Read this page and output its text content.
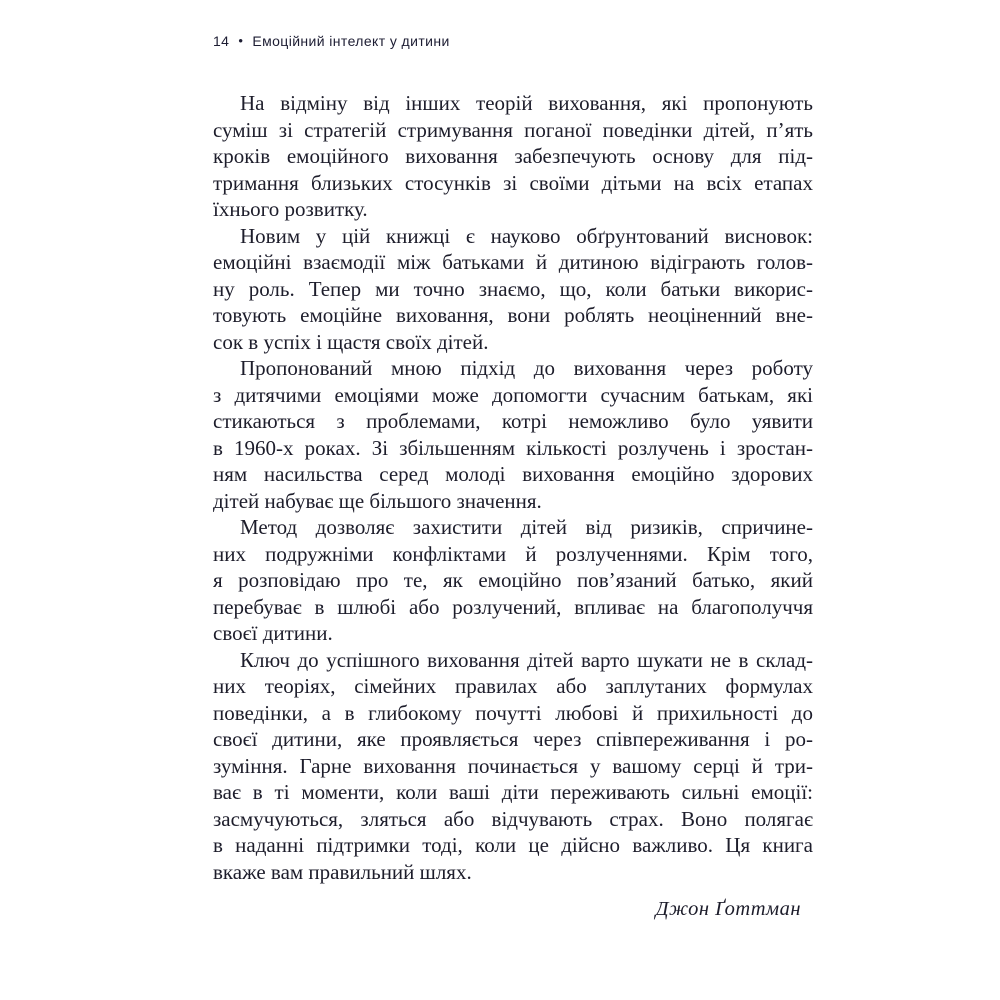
14 • Емоційний інтелект у дитини
На відміну від інших теорій виховання, які пропонують
суміш зі стратегій стримування поганої поведінки дітей, п’ять
кроків емоційного виховання забезпечують основу для під-
тримання близьких стосунків зі своїми дітьми на всіх етапах
їхнього розвитку.
Новим у цій книжці є науково обґрунтований висновок:
емоційні взаємодії між батьками й дитиною відіграють голов-
ну роль. Тепер ми точно знаємо, що, коли батьки викорис-
товують емоційне виховання, вони роблять неоціненний вне-
сок в успіх і щастя своїх дітей.
Пропонований мною підхід до виховання через роботу
з дитячими емоціями може допомогти сучасним батькам, які
стикаються з проблемами, котрі неможливо було уявити
в 1960-х роках. Зі збільшенням кількості розлучень і зростан-
ням насильства серед молоді виховання емоційно здорових
дітей набуває ще більшого значення.
Метод дозволяє захистити дітей від ризиків, спричине-
них подружніми конфліктами й розлученнями. Крім того,
я розповідаю про те, як емоційно пов’язаний батько, який
перебуває в шлюбі або розлучений, впливає на благополуччя
своєї дитини.
Ключ до успішного виховання дітей варто шукати не в склад-
них теоріях, сімейних правилах або заплутаних формулах
поведінки, а в глибокому почутті любові й прихильності до
своєї дитини, яке проявляється через співпереживання і ро-
зуміння. Гарне виховання починається у вашому серці й три-
ває в ті моменти, коли ваші діти переживають сильні емоції:
засмучуються, зляться або відчувають страх. Воно полягає
в наданні підтримки тоді, коли це дійсно важливо. Ця книга
вкаже вам правильний шлях.
Джон Ґоттман
